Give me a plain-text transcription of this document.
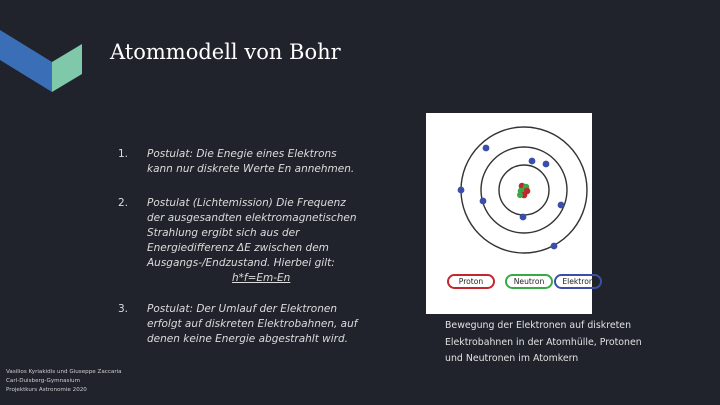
Atommodell von Bohr
1. Postulat: Die Enegie eines Elektrons
kann nur diskrete Werte En annehmen.
2. Postulat (Lichtemission) Die Frequenz
der ausgesandten elektromagnetischen
Strahlung ergibt sich aus der
Energiedifferenz ΔE zwischen dem
Ausgangs-/Endzustand. Hierbei gilt:
h*f=Em-En
3. Postulat: Der Umlauf der Elektronen
erfolgt auf diskreten Elektrobahnen, auf
denen keine Energie abgestrahlt wird.
Vasilios Kyriakidis und Giuseppe Zaccaria
Carl-Duisberg-Gymnasium
Projektkurs Astronomie 2020
Proton	Neutron	Elektron
Bewegung der Elektronen auf diskreten
Elektrobahnen in der Atomhülle, Protonen
und Neutronen im Atomkern
